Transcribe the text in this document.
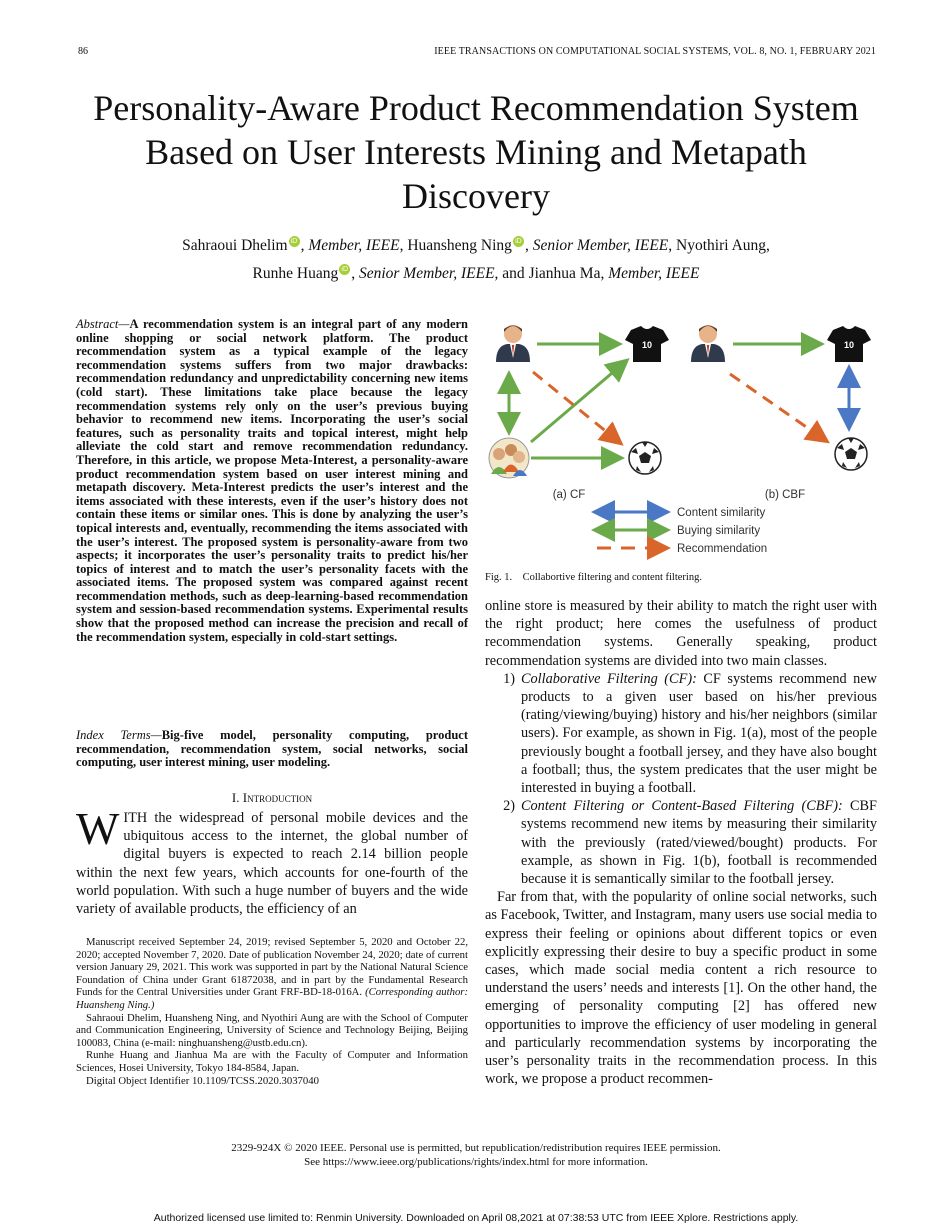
86	IEEE TRANSACTIONS ON COMPUTATIONAL SOCIAL SYSTEMS, VOL. 8, NO. 1, FEBRUARY 2021
Personality-Aware Product Recommendation System Based on User Interests Mining and Metapath Discovery
Sahraoui Dhelim iD , Member, IEEE, Huansheng Ning iD , Senior Member, IEEE, Nyothiri Aung,
Runhe Huang iD , Senior Member, IEEE, and Jianhua Ma, Member, IEEE
Abstract—A recommendation system is an integral part of any modern online shopping or social network platform. The product recommendation system as a typical example of the legacy recommendation systems suffers from two major drawbacks: recommendation redundancy and unpredictability concerning new items (cold start). These limitations take place because the legacy recommendation systems rely only on the user’s previous buying behavior to recommend new items. Incorporating the user’s social features, such as personality traits and topical interest, might help alleviate the cold start and remove recommendation redundancy. Therefore, in this article, we propose Meta-Interest, a personality-aware product recommendation system based on user interest mining and metapath discovery. Meta-Interest predicts the user’s interest and the items associated with these interests, even if the user’s history does not contain these items or similar ones. This is done by analyzing the user’s topical interests and, eventually, recommending the items associated with the user’s interest. The proposed system is personality-aware from two aspects; it incorporates the user’s personality traits to predict his/her topics of interest and to match the user’s personality facets with the associated items. The proposed system was compared against recent recommendation methods, such as deep-learning-based recommendation system and session-based recommendation systems. Experimental results show that the proposed method can increase the precision and recall of the recommendation system, especially in cold-start settings.
Index Terms—Big-five model, personality computing, product recommendation, recommendation system, social networks, social computing, user interest mining, user modeling.
I. Introduction
WITH the widespread of personal mobile devices and the ubiquitous access to the internet, the global number of digital buyers is expected to reach 2.14 billion people within the next few years, which accounts for one-fourth of the world population. With such a huge number of buyers and the wide variety of available products, the efficiency of an

Manuscript received September 24, 2019; revised September 5, 2020 and October 22, 2020; accepted November 7, 2020. Date of publication November 24, 2020; date of current version January 29, 2021. This work was supported in part by the National Natural Science Foundation of China under Grant 61872038, and in part by the Fundamental Research Funds for the Central Universities under Grant FRF-BD-18-016A. (Corresponding author: Huansheng Ning.)

Sahraoui Dhelim, Huansheng Ning, and Nyothiri Aung are with the School of Computer and Communication Engineering, University of Science and Technology Beijing, Beijing 100083, China (e-mail: ninghuansheng@ustb.edu.cn).

Runhe Huang and Jianhua Ma are with the Faculty of Computer and Information Sciences, Hosei University, Tokyo 184-8584, Japan.

Digital Object Identifier 10.1109/TCSS.2020.3037040

10
(a) CF
10
(b) CBF
Content similarity
Buying similarity
Recommendation
Fig. 1.    Collabortive filtering and content filtering.

online store is measured by their ability to match the right user with the right product; here comes the usefulness of product recommendation systems. Generally speaking, product recommendation systems are divided into two main classes.

1) Collaborative Filtering (CF): CF systems recommend new products to a given user based on his/her previous (rating/viewing/buying) history and his/her neighbors (similar users). For example, as shown in Fig. 1(a), most of the people previously bought a football jersey, and they have also bought a football; thus, the system predicates that the user might be interested in buying a football.
2) Content Filtering or Content-Based Filtering (CBF): CBF systems recommend new items by measuring their similarity with the previously (rated/viewed/bought) products. For example, as shown in Fig. 1(b), football is recommended because it is semantically similar to the football jersey.

Far from that, with the popularity of online social networks, such as Facebook, Twitter, and Instagram, many users use social media to express their feeling or opinions about different topics or even explicitly expressing their desire to buy a specific product in some cases, which made social media content a rich resource to understand the users’ needs and interests [1]. On the other hand, the emerging of personality computing [2] has offered new opportunities to improve the efficiency of user modeling in general and particularly recommendation systems by incorporating the user’s personality traits in the recommendation process. In this work, we propose a product recommen-

2329-924X © 2020 IEEE. Personal use is permitted, but republication/redistribution requires IEEE permission.
See https://www.ieee.org/publications/rights/index.html for more information.
Authorized licensed use limited to: Renmin University. Downloaded on April 08,2021 at 07:38:53 UTC from IEEE Xplore. Restrictions apply.
